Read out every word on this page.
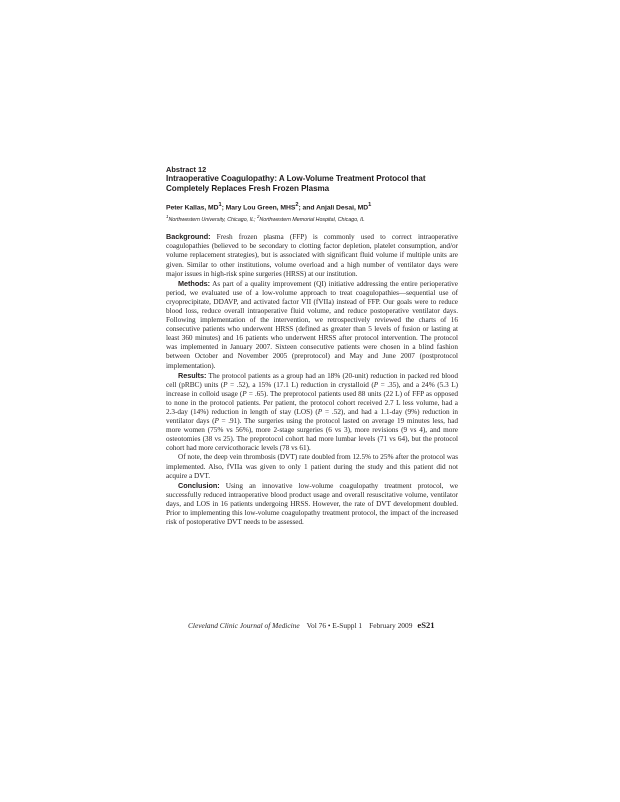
Abstract 12
Intraoperative Coagulopathy: A Low-Volume Treatment Protocol that Completely Replaces Fresh Frozen Plasma
Peter Kallas, $MD^1$; Mary Lou Green, MHS$^2$; and Anjali Desai, $MD^1$
$^1$Northwestern University, Chicago, IL; $^2$Northwestern Memorial Hospital, Chicago, IL

Background: Fresh frozen plasma (FFP) is commonly used to correct intraoperative coagulopathies (believed to be secondary to clotting factor depletion, platelet consumption, and/or volume replacement strategies), but is associated with significant fluid volume if multiple units are given. Similar to other institutions, volume overload and a high number of ventilator days were major issues in high-risk spine surgeries (HRSS) at our institution.

Methods: As part of a quality improvement (QI) initiative addressing the entire perioperative period, we evaluated use of a low-volume approach to treat coagulopathies—sequential use of cryoprecipitate, DDAVP, and activated factor VII (fVIIa) instead of FFP. Our goals were to reduce blood loss, reduce overall intraoperative fluid volume, and reduce postoperative ventilator days. Following implementation of the intervention, we retrospectively reviewed the charts of 16 consecutive patients who underwent HRSS (defined as greater than 5 levels of fusion or lasting at least 360 minutes) and 16 patients who underwent HRSS after protocol intervention. The protocol was implemented in January 2007. Sixteen consecutive patients were chosen in a blind fashion between October and November 2005 (preprotocol) and May and June 2007 (postprotocol implementation).

Results: The protocol patients as a group had an 18% (20-unit) reduction in packed red blood cell (pRBC) units (P = .52), a 15% (17.1 L) reduction in crystalloid (P = .35), and a 24% (5.3 L) increase in colloid usage (P = .65). The preprotocol patients used 88 units (22 L) of FFP as opposed to none in the protocol patients. Per patient, the protocol cohort received 2.7 L less volume, had a 2.3-day (14%) reduction in length of stay (LOS) (P = .52), and had a 1.1-day (9%) reduction in ventilator days (P = .91). The surgeries using the protocol lasted on average 19 minutes less, had more women (75% vs 56%), more 2-stage surgeries (6 vs 3), more revisions (9 vs 4), and more osteotomies (38 vs 25). The preprotocol cohort had more lumbar levels (71 vs 64), but the protocol cohort had more cervicothoracic levels (78 vs 61).

Of note, the deep vein thrombosis (DVT) rate doubled from 12.5% to 25% after the protocol was implemented. Also, fVIIa was given to only 1 patient during the study and this patient did not acquire a DVT.

Conclusion: Using an innovative low-volume coagulopathy treatment protocol, we successfully reduced intraoperative blood product usage and overall resuscitative volume, ventilator days, and LOS in 16 patients undergoing HRSS. However, the rate of DVT development doubled. Prior to implementing this low-volume coagulopathy treatment protocol, the impact of the increased risk of postoperative DVT needs to be assessed.

Cleveland Clinic Journal of Medicine Vol 76 • E-Suppl 1 February 2009 eS21
